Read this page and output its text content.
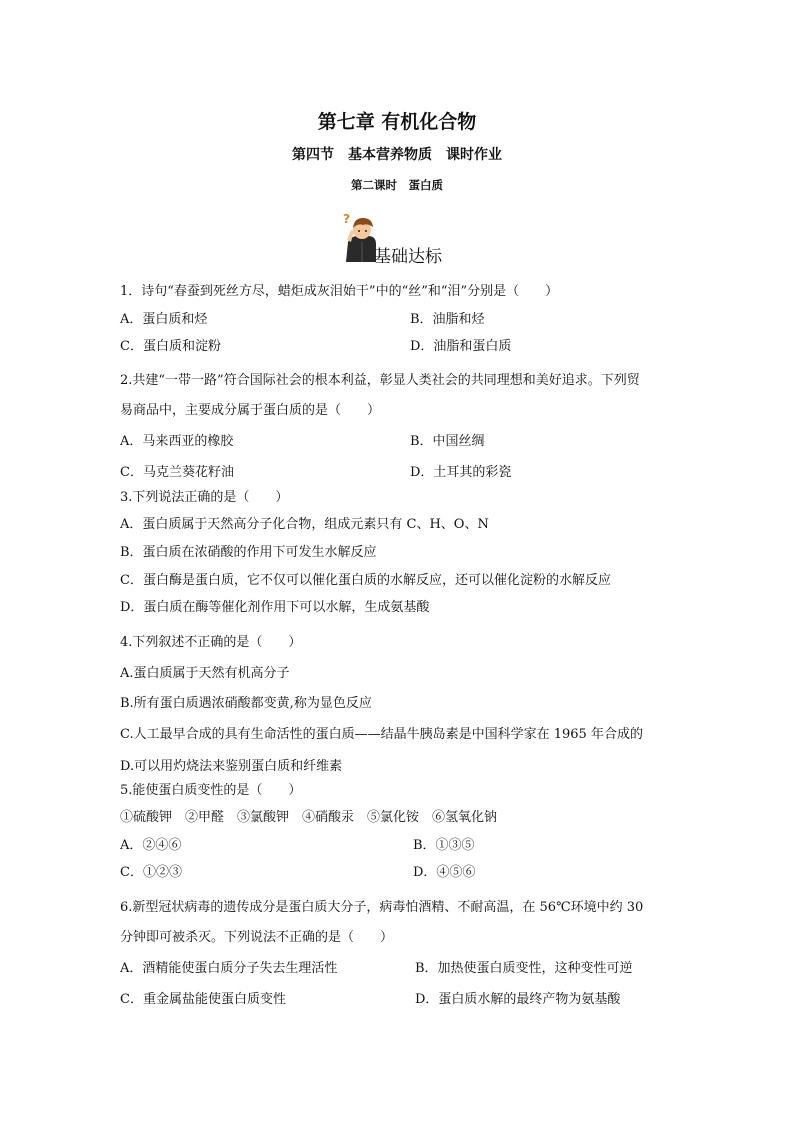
第七章 有机化合物
第四节　基本营养物质　课时作业
第二课时　蛋白质
?
基础达标
1．诗句“春蚕到死丝方尽，蜡炬成灰泪始干”中的“丝”和“泪”分别是（　　）
A．蛋白质和烃	B．油脂和烃
C．蛋白质和淀粉	D．油脂和蛋白质
2.共建“一带一路”符合国际社会的根本利益，彰显人类社会的共同理想和美好追求。下列贸
易商品中，主要成分属于蛋白质的是（　　）
A．马来西亚的橡胶	B．中国丝绸
C．马克兰葵花籽油	D．土耳其的彩瓷
3.下列说法正确的是（　　）
A．蛋白质属于天然高分子化合物，组成元素只有 C、H、O、N
B．蛋白质在浓硝酸的作用下可发生水解反应
C．蛋白酶是蛋白质，它不仅可以催化蛋白质的水解反应，还可以催化淀粉的水解反应
D．蛋白质在酶等催化剂作用下可以水解，生成氨基酸
4.下列叙述不正确的是（　　）
A.蛋白质属于天然有机高分子
B.所有蛋白质遇浓硝酸都变黄,称为显色反应
C.人工最早合成的具有生命活性的蛋白质——结晶牛胰岛素是中国科学家在 1965 年合成的
D.可以用灼烧法来鉴别蛋白质和纤维素
5.能使蛋白质变性的是（　　）
①硫酸钾　②甲醛　③氯酸钾　④硝酸汞　⑤氯化铵　⑥氢氧化钠
A．②④⑥	B．①③⑤
C．①②③	D．④⑤⑥
6.新型冠状病毒的遗传成分是蛋白质大分子，病毒怕酒精、不耐高温，在 56℃环境中约 30
分钟即可被杀灭。下列说法不正确的是（　　）
A．酒精能使蛋白质分子失去生理活性	B．加热使蛋白质变性，这种变性可逆
C．重金属盐能使蛋白质变性	D．蛋白质水解的最终产物为氨基酸
